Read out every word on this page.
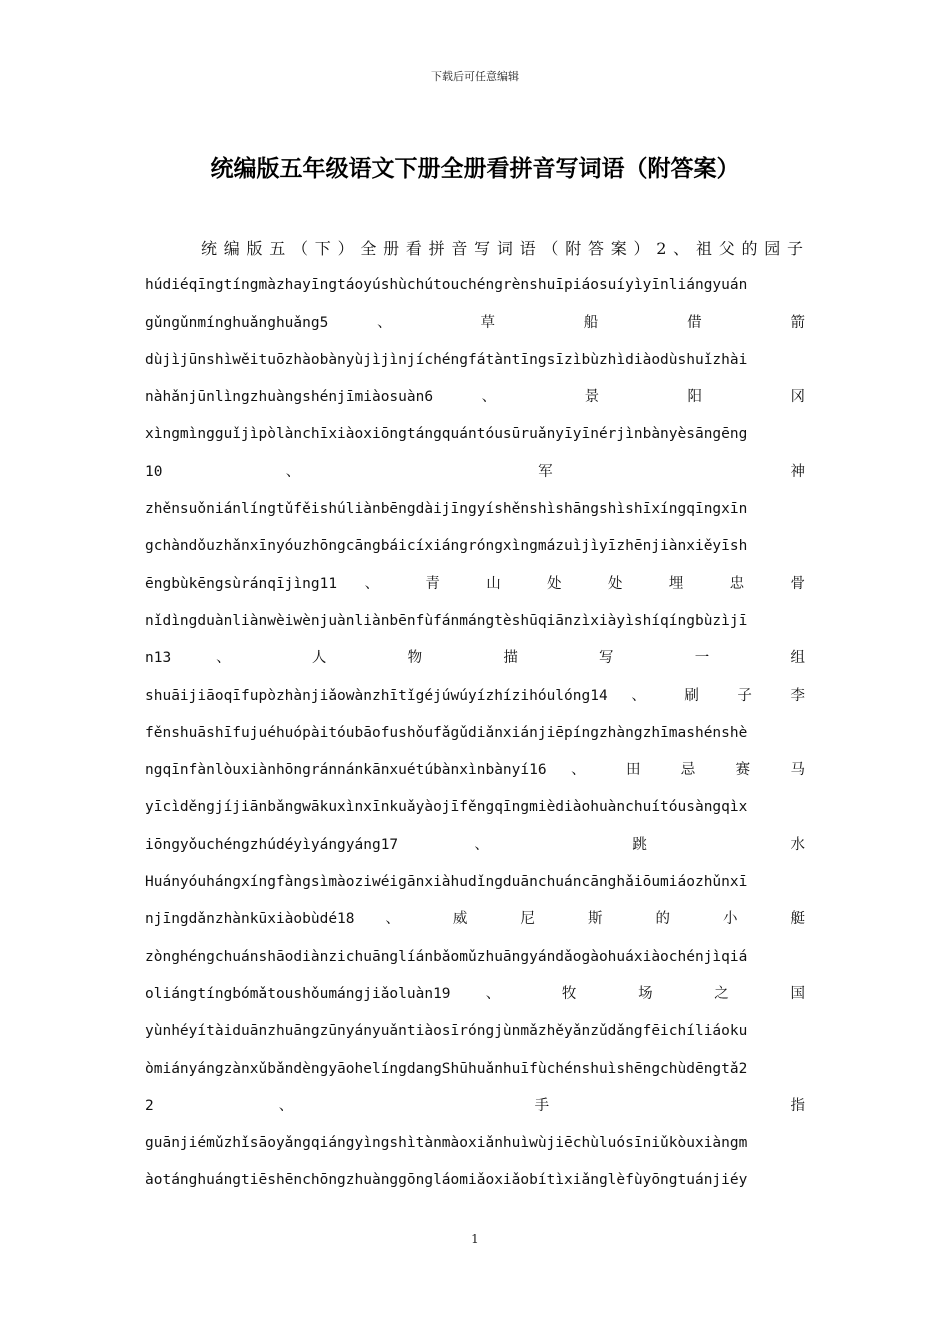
下载后可任意编辑
统编版五年级语文下册全册看拼音写词语（附答案）
统编版五（下）全册看拼音写词语（附答案）2、祖父的园子
húdiéqīngtíngmàzhayīngtáoyúshùchútouchéngrènshuīpiáosuíyìyīnliángyuán
gǔngǔnmínghuǎnghuǎng5 、 草 船 借 箭
dùjìjūnshìwěituōzhàobànyùjìjìnjíchéngfátàntīngsīzìbùzhìdiàodùshuǐzhài
nàhǎnjūnlìngzhuàngshénjīmiàosuàn6 、 景 阳 冈
xìngmìngguǐjìpòlànchīxiàoxiōngtángquántóusūruǎnyīyīnérjìnbànyèsāngēng
10 、 军 神
zhěnsuǒniánlíngtǔfěishúliànbēngdàijīngyíshěnshìshāngshìshīxíngqīngxīn
gchàndǒuzhǎnxīnyóuzhōngcāngbáicíxiángróngxìngmázuìjìyīzhēnjiànxiěyīsh
ēngbùkēngsùránqījìng11 、 青 山 处 处 埋 忠 骨
nǐdìngduànliànwèiwènjuànliànbēnfùfánmángtèshūqiānzìxiàyìshíqíngbùzìjī
n13 、 人 物 描 写 一 组
shuāijiāoqīfupòzhànjiǎowànzhītǐgéjúwúyízhízihóulóng14 、 刷 子 李
fěnshuāshīfujuéhuópàitóubāofushǒufǎgǔdiǎnxiánjiēpíngzhàngzhīmashénshè
ngqīnfànlòuxiànhōngránnánkānxuétúbànxìnbànyí16 、 田 忌 赛 马
yīcìděngjíjiānbǎngwākuxìnxīnkuǎyàojīfěngqīngmièdiàohuànchuítóusàngqìx
iōngyǒuchéngzhúdéyìyángyáng17 、 跳 水
Huányóuhángxíngfàngsìmàoziwéigānxiàhudǐngduānchuáncānghǎiōumiáozhǔnxī
njīngdǎnzhànkūxiàobùdé18 、 威 尼 斯 的 小 艇
zònghéngchuánshāodiànzichuānglíánbǎomǔzhuāngyándǎogàohuáxiàochénjìqiá
oliángtíngbómǎtoushǒumángjiǎoluàn19 、 牧 场 之 国
yùnhéyítàiduānzhuāngzūnyányuǎntiàosīróngjùnmǎzhěyǎnzǔdǎngfēichíliáoku
òmiányángzànxǔbǎndèngyāohelíngdangShūhuǎnhuīfùchénshuìshēngchùdēngtǎ2
2 、 手 指
guānjiémǔzhǐsāoyǎngqiángyìngshìtànmàoxiǎnhuìwùjiēchùluósīniǔkòuxiàngm
àotánghuángtiēshēnchōngzhuànggōngláomiǎoxiǎobítìxiǎnglèfùyōngtuánjiéy
1
